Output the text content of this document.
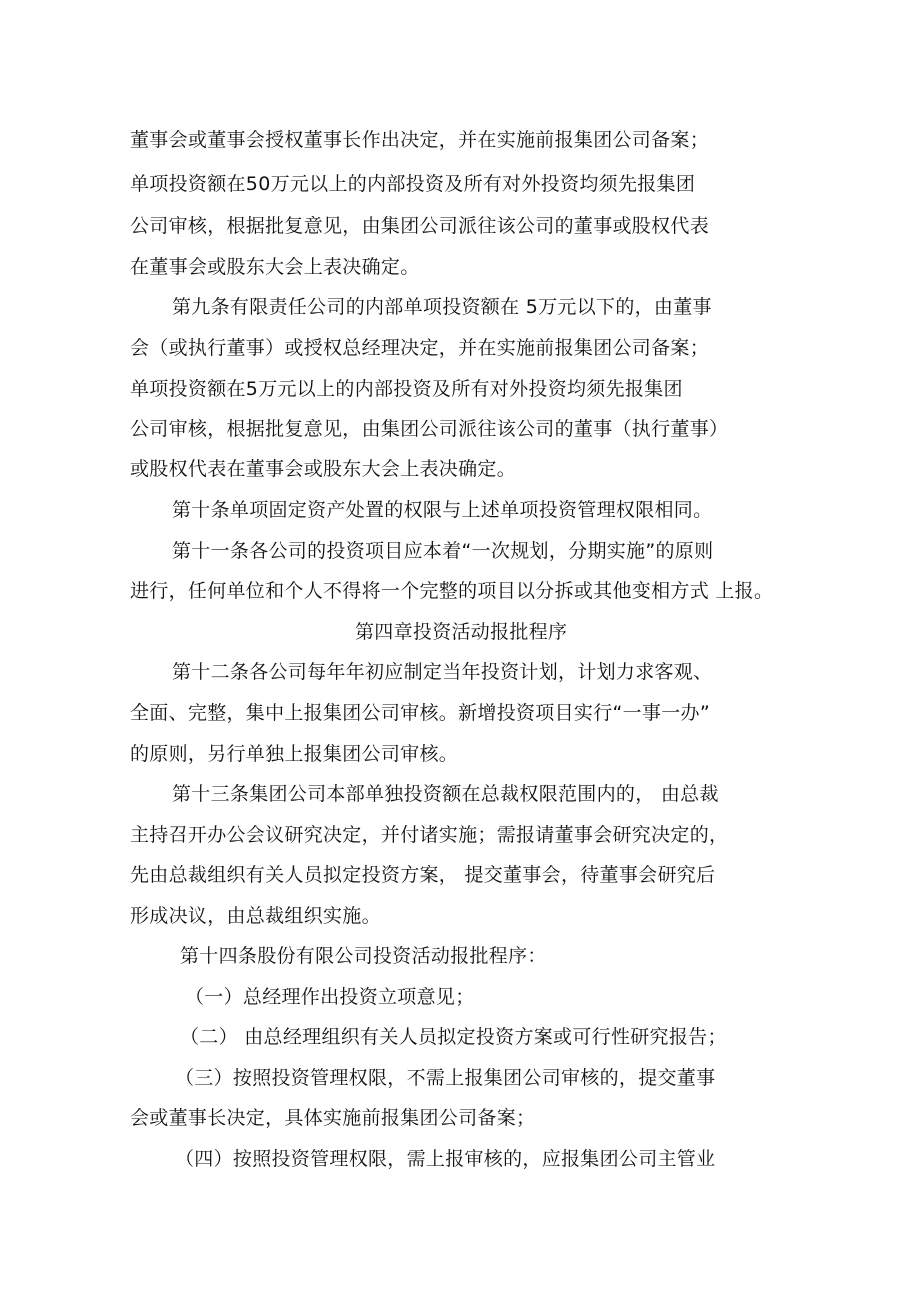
董事会或董事会授权董事长作出决定，并在实施前报集团公司备案；
单项投资额在50万元以上的内部投资及所有对外投资均须先报集团
公司审核，根据批复意见，由集团公司派往该公司的董事或股权代表
在董事会或股东大会上表决确定。
第九条有限责任公司的内部单项投资额在 5万元以下的，由董事
会（或执行董事）或授权总经理决定，并在实施前报集团公司备案；
单项投资额在5万元以上的内部投资及所有对外投资均须先报集团
公司审核，根据批复意见，由集团公司派往该公司的董事（执行董事）
或股权代表在董事会或股东大会上表决确定。
第十条单项固定资产处置的权限与上述单项投资管理权限相同。
第十一条各公司的投资项目应本着“一次规划，分期实施”的原则
进行，任何单位和个人不得将一个完整的项目以分拆或其他变相方式 上报。
第四章投资活动报批程序
第十二条各公司每年年初应制定当年投资计划，计划力求客观、
全面、完整，集中上报集团公司审核。新增投资项目实行“一事一办”
的原则，另行单独上报集团公司审核。
第十三条集团公司本部单独投资额在总裁权限范围内的， 由总裁
主持召开办公会议研究决定，并付诸实施；需报请董事会研究决定的，
先由总裁组织有关人员拟定投资方案， 提交董事会，待董事会研究后
形成决议，由总裁组织实施。
第十四条股份有限公司投资活动报批程序：
（一）总经理作出投资立项意见；
（二） 由总经理组织有关人员拟定投资方案或可行性研究报告；
（三）按照投资管理权限，不需上报集团公司审核的，提交董事
会或董事长决定，具体实施前报集团公司备案；
（四）按照投资管理权限，需上报审核的，应报集团公司主管业
